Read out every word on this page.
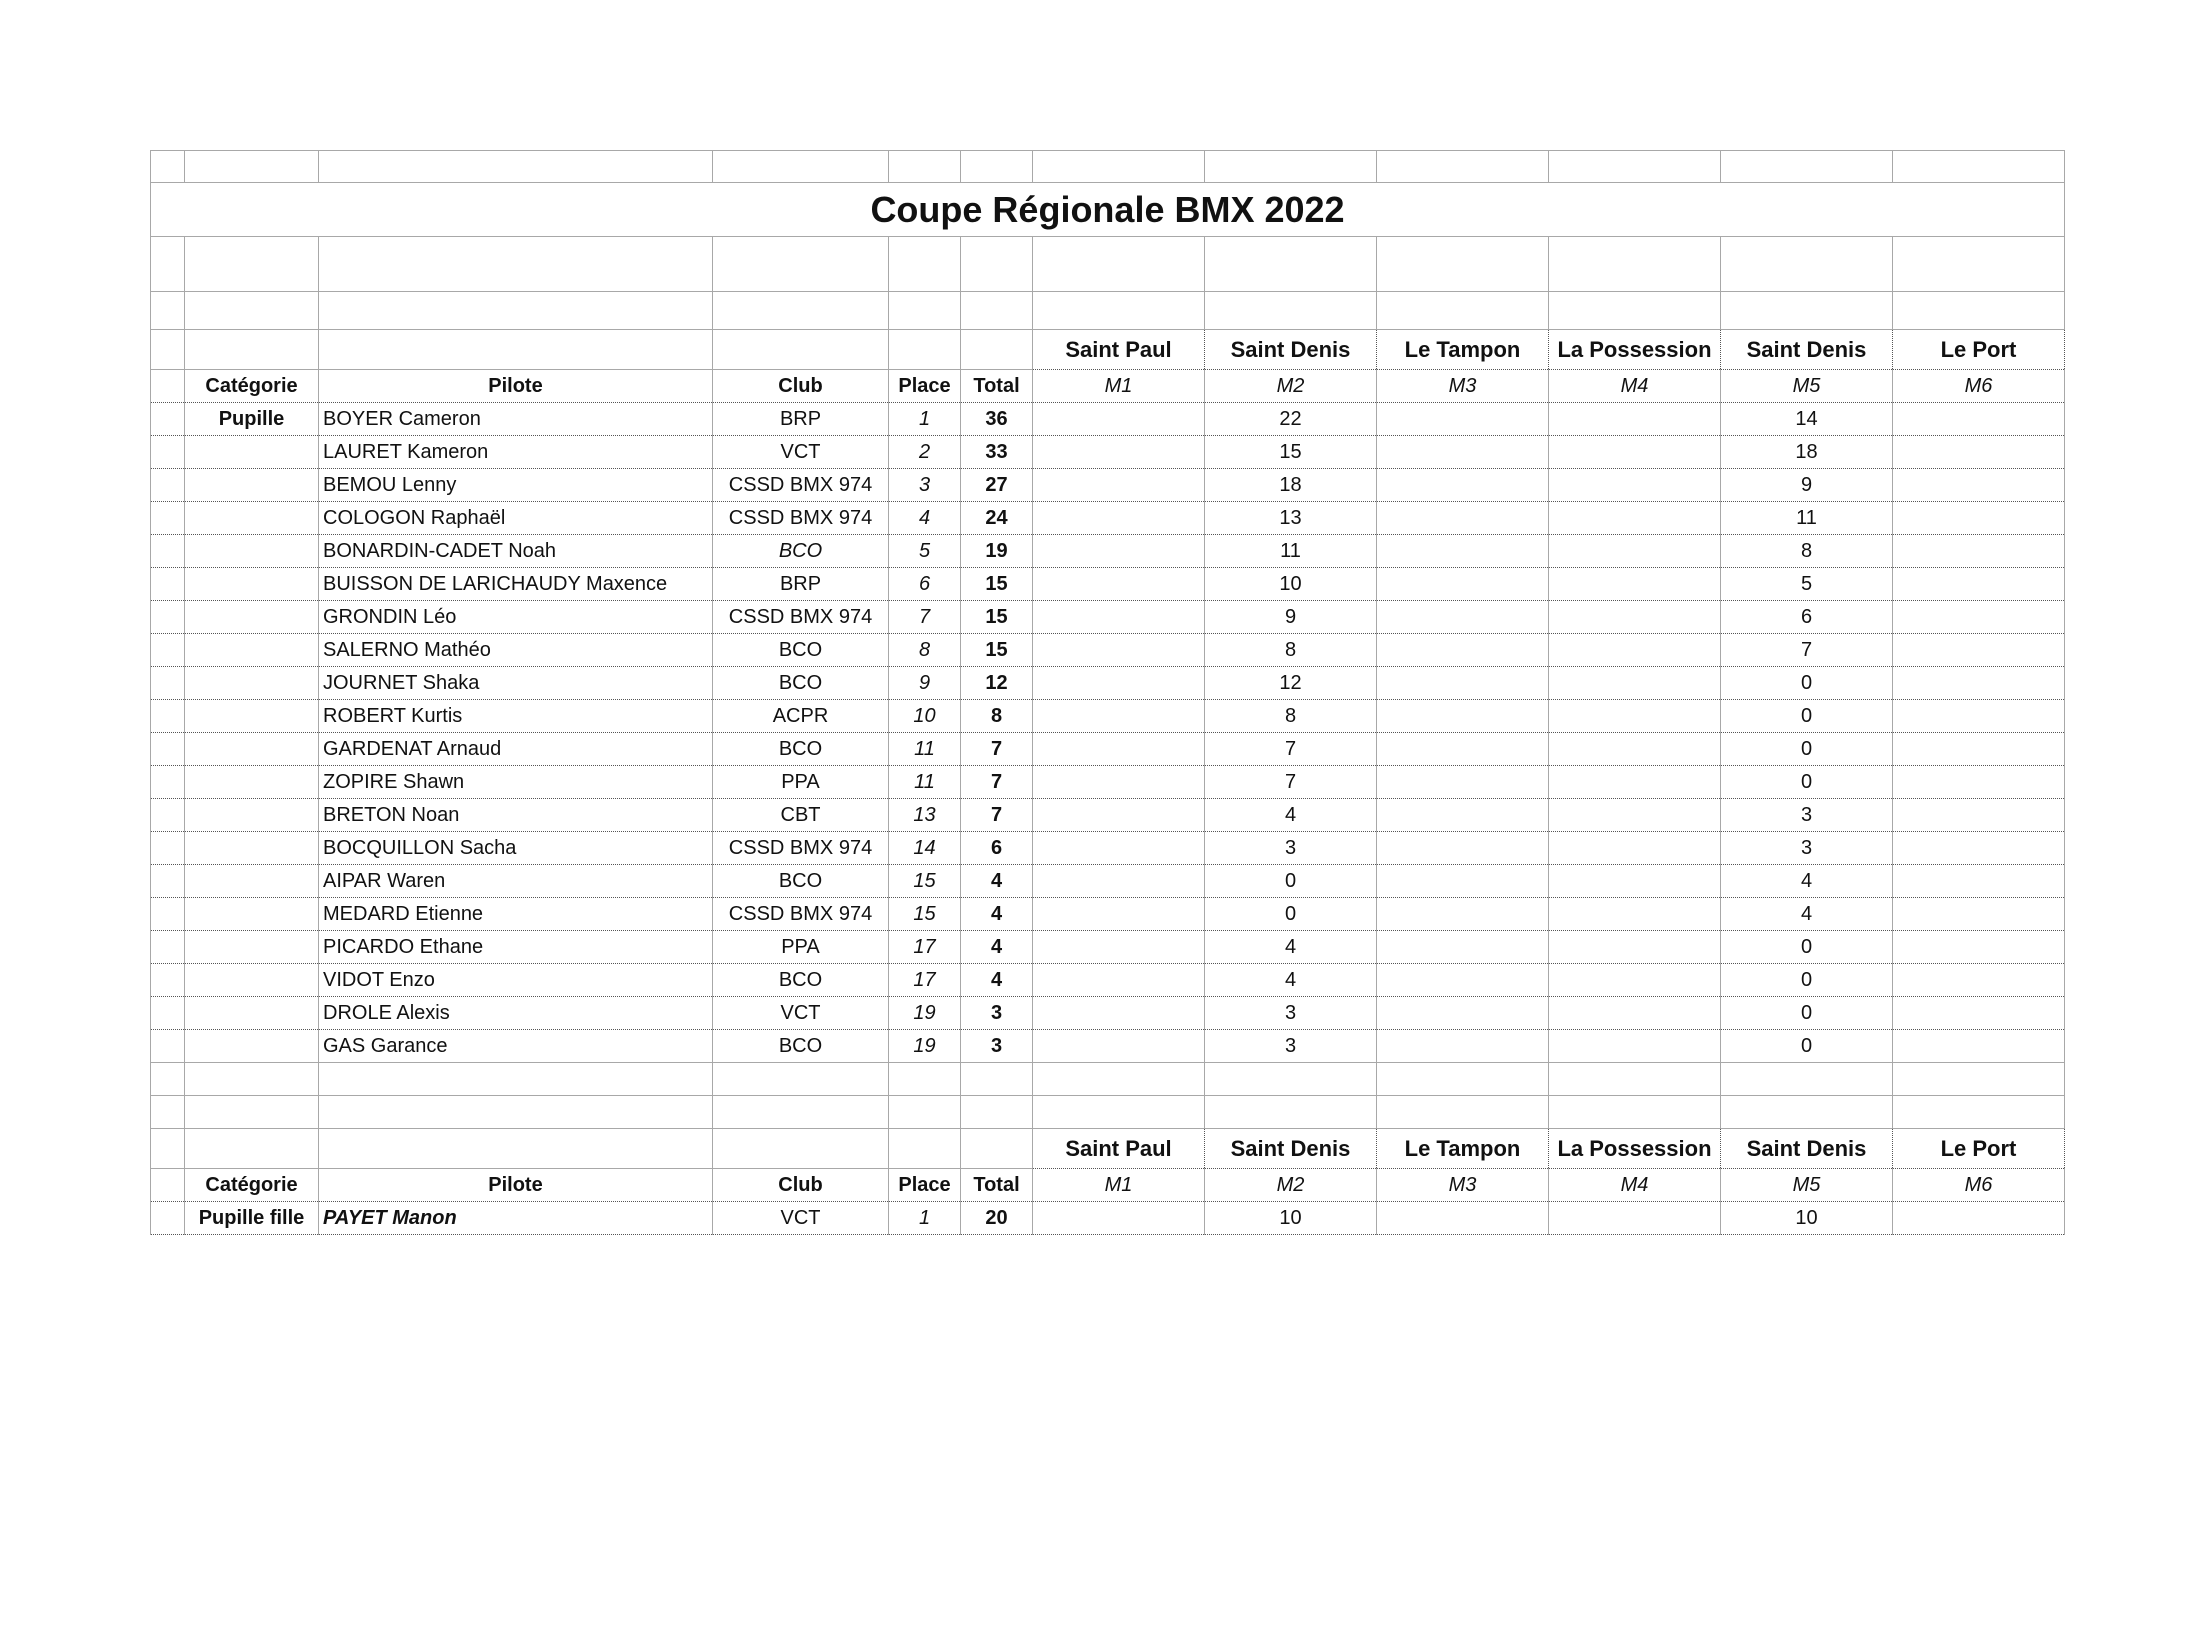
Coupe Régionale BMX 2022											

						Saint Paul	Saint Denis	Le Tampon	La Possession	Saint Denis	Le Port
	Catégorie	Pilote	Club	Place	Total	M1	M2	M3	M4	M5	M6
	Pupille	BOYER Cameron	BRP	1	36		22			14	
		LAURET Kameron	VCT	2	33		15			18	
		BEMOU Lenny	CSSD BMX 974	3	27		18			9	
		COLOGON Raphaël	CSSD BMX 974	4	24		13			11	
		BONARDIN-CADET Noah	BCO	5	19		11			8	
		BUISSON DE LARICHAUDY Maxence	BRP	6	15		10			5	
		GRONDIN Léo	CSSD BMX 974	7	15		9			6	
		SALERNO Mathéo	BCO	8	15		8			7	
		JOURNET Shaka	BCO	9	12		12			0	
		ROBERT Kurtis	ACPR	10	8		8			0	
		GARDENAT Arnaud	BCO	11	7		7			0	
		ZOPIRE Shawn	PPA	11	7		7			0	
		BRETON Noan	CBT	13	7		4			3	
		BOCQUILLON Sacha	CSSD BMX 974	14	6		3			3	
		AIPAR Waren	BCO	15	4		0			4	
		MEDARD Etienne	CSSD BMX 974	15	4		0			4	
		PICARDO Ethane	PPA	17	4		4			0	
		VIDOT Enzo	BCO	17	4		4			0	
		DROLE Alexis	VCT	19	3		3			0	
		GAS Garance	BCO	19	3		3			0	

						Saint Paul	Saint Denis	Le Tampon	La Possession	Saint Denis	Le Port
	Catégorie	Pilote	Club	Place	Total	M1	M2	M3	M4	M5	M6
	Pupille fille	PAYET Manon	VCT	1	20		10			10	
